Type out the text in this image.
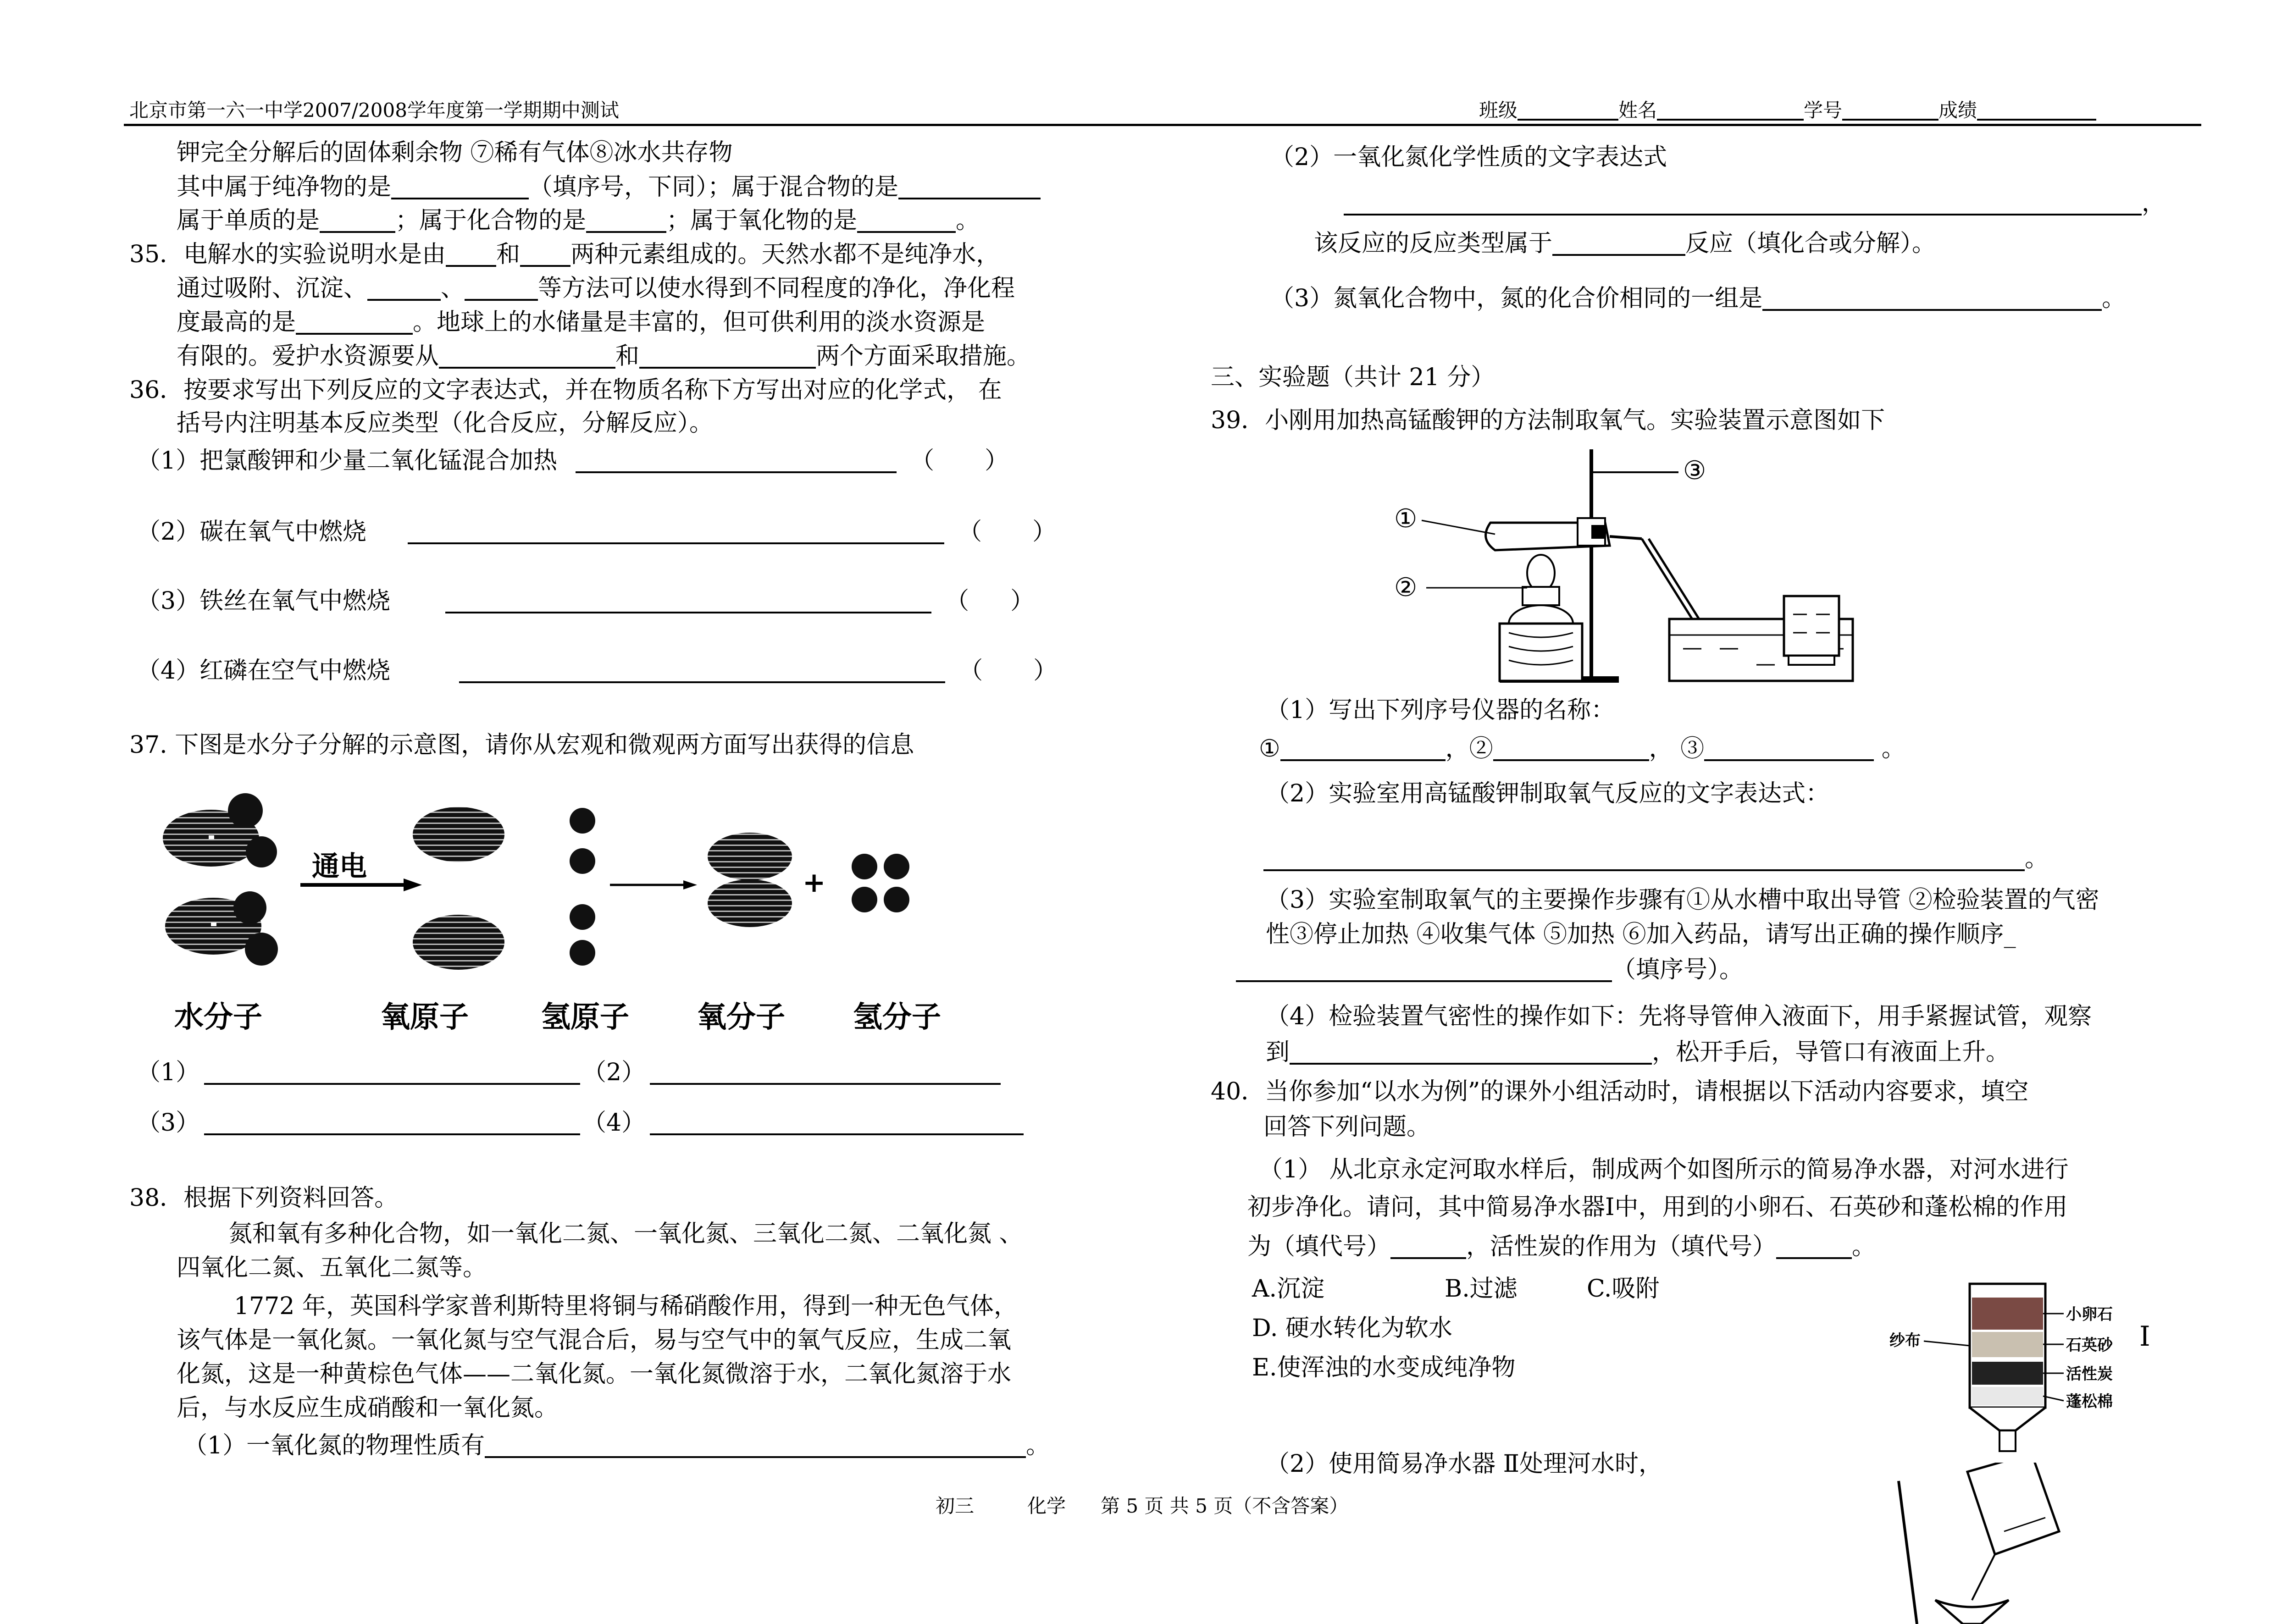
北京市第一六一中学2007/2008学年度第一学期期中测试	班级	姓名	学号	成绩
钾完全分解后的固体剩余物 ⑦稀有气体⑧冰水共存物
其中属于纯净物的是	（填序号，下同）；属于混合物的是
属于单质的是	；属于化合物的是	；属于氧化物的是	。
35．电解水的实验说明水是由 和 两种元素组成的。天然水都不是纯净水，
通过吸附、沉淀、	、	等方法可以使水得到不同程度的净化，净化程
度最高的是	。地球上的水储量是丰富的，但可供利用的淡水资源是
有限的。爱护水资源要从	和	两个方面采取措施。
36．按要求写出下列反应的文字表达式，并在物质名称下方写出对应的化学式， 在
括号内注明基本反应类型（化合反应，分解反应）。
（1）把氯酸钾和少量二氧化锰混合加热	（ ）
（2）碳在氧气中燃烧	（ ）
（3）铁丝在氧气中燃烧	（ ）
（4）红磷在空气中燃烧	（ ）
37. 下图是水分子分解的示意图，请你从宏观和微观两方面写出获得的信息
通电	+
水分子	氧原子 氢原子 氧分子 氢分子
（1）	（2）
（3）	（4）
38．根据下列资料回答。
氮和氧有多种化合物，如一氧化二氮、一氧化氮、三氧化二氮、二氧化氮 、
四氧化二氮、五氧化二氮等。
1772 年，英国科学家普利斯特里将铜与稀硝酸作用，得到一种无色气体，
该气体是一氧化氮。一氧化氮与空气混合后，易与空气中的氧气反应，生成二氧
化氮，这是一种黄棕色气体——二氧化氮。一氧化氮微溶于水，二氧化氮溶于水
后，与水反应生成硝酸和一氧化氮。
（1）一氧化氮的物理性质有	。
（2）一氧化氮化学性质的文字表达式
，
该反应的反应类型属于	反应（填化合或分解）。
（3）氮氧化合物中，氮的化合价相同的一组是	。
三、实验题（共计 21 分）
39．小刚用加热高锰酸钾的方法制取氧气。实验装置示意图如下
①
②
③
（1）写出下列序号仪器的名称：
①	，②	， ③	。
（2）实验室用高锰酸钾制取氧气反应的文字表达式：
。
（3）实验室制取氧气的主要操作步骤有①从水槽中取出导管 ②检验装置的气密
性③停止加热 ④收集气体 ⑤加热 ⑥加入药品，请写出正确的操作顺序_
（填序号）。
（4）检验装置气密性的操作如下：先将导管伸入液面下，用手紧握试管，观察
到	，松开手后，导管口有液面上升。
40．当你参加“以水为例”的课外小组活动时，请根据以下活动内容要求，填空
回答下列问题。
（1） 从北京永定河取水样后，制成两个如图所示的简易净水器，对河水进行
初步净化。请问，其中简易净水器Ⅰ中，用到的小卵石、石英砂和蓬松棉的作用
为（填代号）	，活性炭的作用为（填代号）	。
A.沉淀	B.过滤	C.吸附
D. 硬水转化为软水
E.使浑浊的水变成纯净物
纱布
小卵石
石英砂
活性炭
蓬松棉
I
（2）使用简易净水器 Ⅱ处理河水时，
初三	化学 第 5 页 共 5 页（不含答案）
